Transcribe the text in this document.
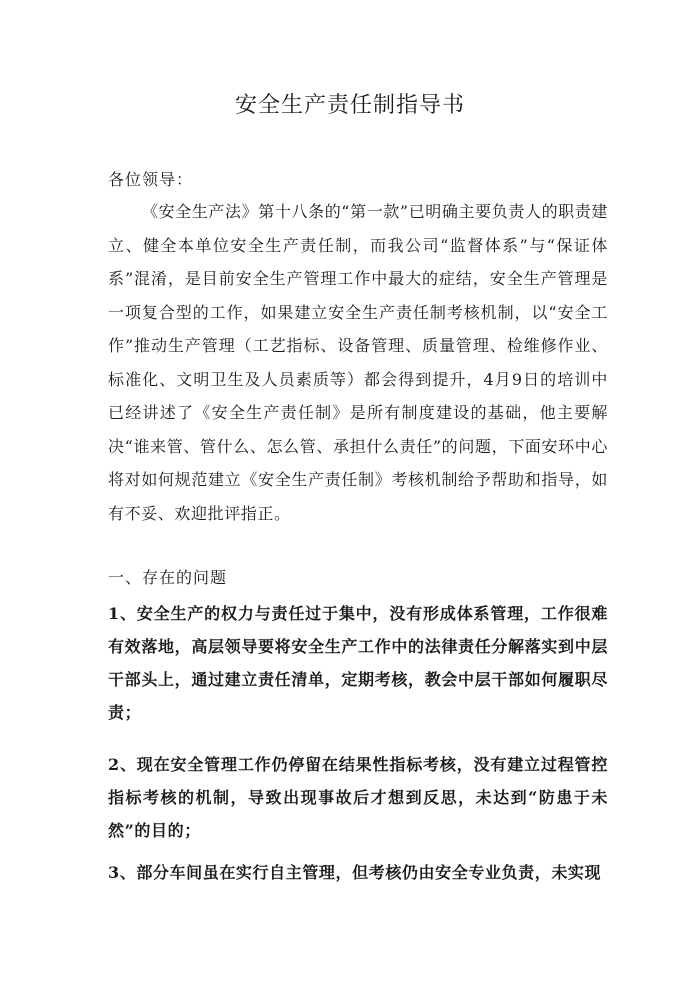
安全生产责任制指导书
各位领导：

《安全生产法》第十八条的“第一款”已明确主要负责人的职责建立、健全本单位安全生产责任制，而我公司“监督体系”与“保证体系”混淆，是目前安全生产管理工作中最大的症结，安全生产管理是一项复合型的工作，如果建立安全生产责任制考核机制，以“安全工作”推动生产管理（工艺指标、设备管理、质量管理、检维修作业、标准化、文明卫生及人员素质等）都会得到提升，4月9日的培训中已经讲述了《安全生产责任制》是所有制度建设的基础，他主要解决“谁来管、管什么、怎么管、承担什么责任”的问题，下面安环中心将对如何规范建立《安全生产责任制》考核机制给予帮助和指导，如有不妥、欢迎批评指正。

一、存在的问题

1、安全生产的权力与责任过于集中，没有形成体系管理，工作很难有效落地，高层领导要将安全生产工作中的法律责任分解落实到中层干部头上，通过建立责任清单，定期考核，教会中层干部如何履职尽责；

2、现在安全管理工作仍停留在结果性指标考核，没有建立过程管控指标考核的机制，导致出现事故后才想到反思，未达到“防患于未然”的目的；

3、部分车间虽在实行自主管理，但考核仍由安全专业负责，未实现
